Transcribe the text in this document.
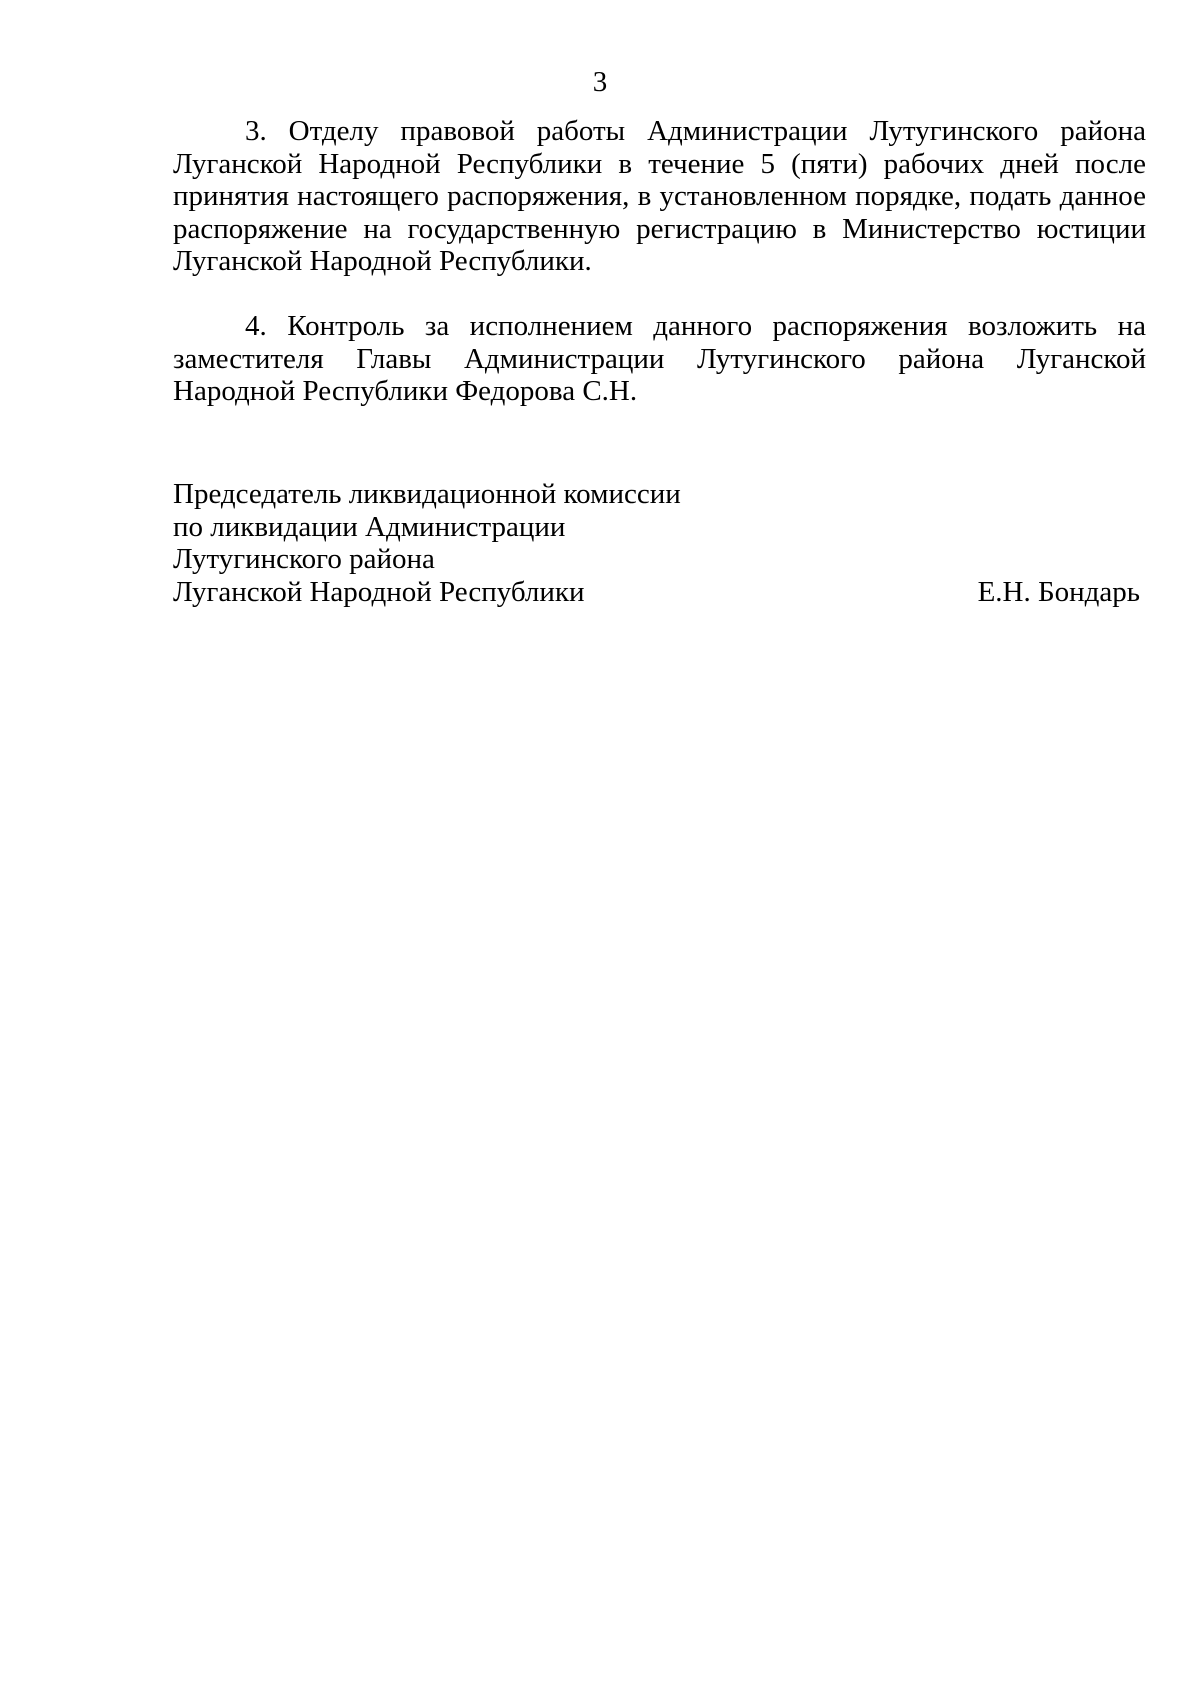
3

3. Отделу правовой работы Администрации Лутугинского района Луганской Народной Республики в течение 5 (пяти) рабочих дней после принятия настоящего распоряжения, в установленном порядке, подать данное распоряжение на государственную регистрацию в Министерство юстиции Луганской Народной Республики.

4. Контроль за исполнением данного распоряжения возложить на заместителя Главы Администрации Лутугинского района Луганской Народной Республики Федорова С.Н.

Председатель ликвидационной комиссии
по ликвидации Администрации
Лутугинского района
Луганской Народной Республики	Е.Н. Бондарь
